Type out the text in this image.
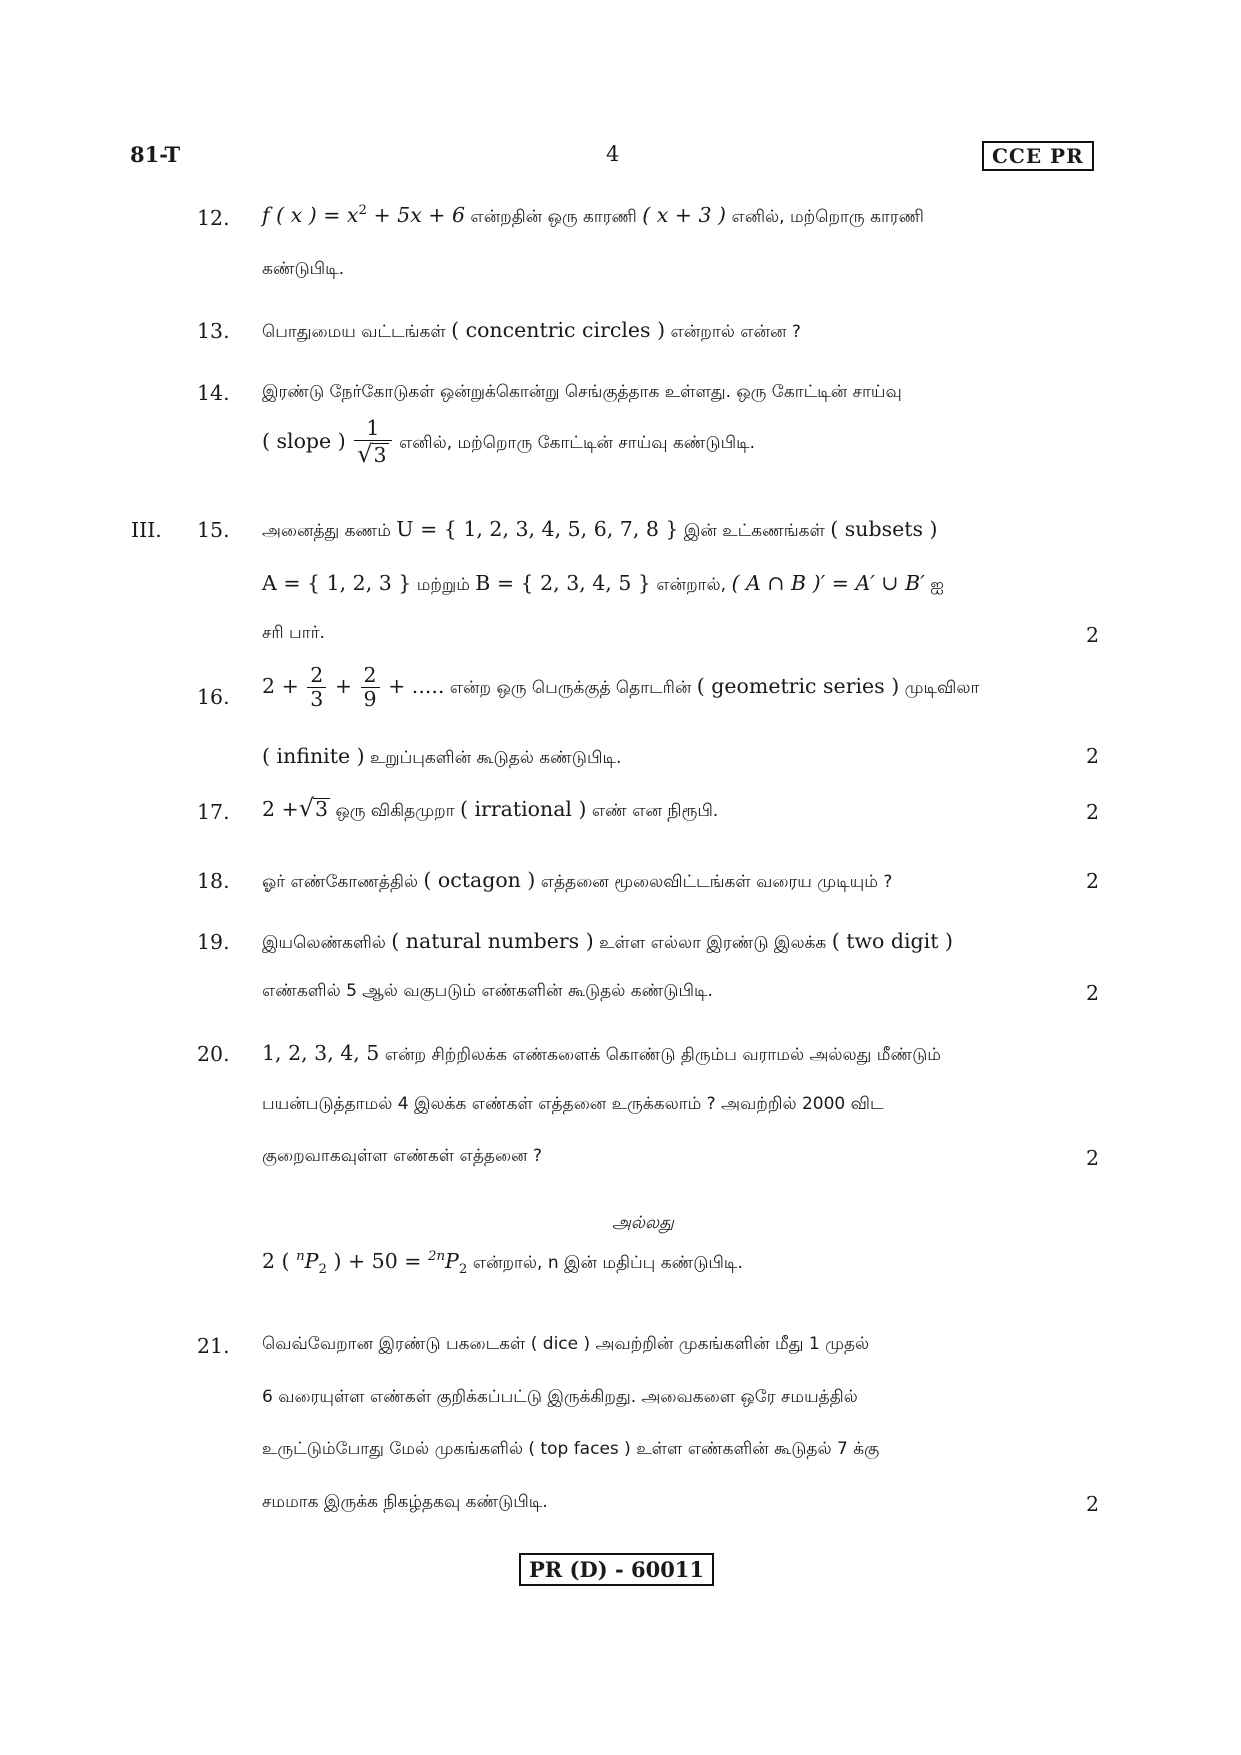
81-T	4	CCE PR
12. f ( x ) = $x^2 + 5x + 6$ என்றதின் ஒரு காரணி ( x + 3 ) எனில், மற்றொரு காரணி
கண்டுபிடி.
13. பொதுமைய வட்டங்கள் ( concentric circles ) என்றால் என்ன ?
14. இரண்டு நேர்கோடுகள் ஒன்றுக்கொன்று செங்குத்தாக உள்ளது. ஒரு கோட்டின் சாய்வு
( slope ) $\frac{1}{√3}$ எனில், மற்றொரு கோட்டின் சாய்வு கண்டுபிடி.
III. 15. அனைத்து கணம் U = { 1, 2, 3, 4, 5, 6, 7, 8 } இன் உட்கணங்கள் ( subsets )
A = { 1, 2, 3 } மற்றும் B = { 2, 3, 4, 5 } என்றால், ( A ∩ B )′ = A′ ∪ B′ ஐ
சரி பார்.	2
16. $2 + \frac{2}{3} + \frac{2}{9}$ + ..... என்ற ஒரு பெருக்குத் தொடரின் ( geometric series ) முடிவிலா
( infinite ) உறுப்புகளின் கூடுதல் கண்டுபிடி.	2
17. 2 +√3 ஒரு விகிதமுறா ( irrational ) எண் என நிரூபி.	2
18. ஓர் எண்கோணத்தில் ( octagon ) எத்தனை மூலைவிட்டங்கள் வரைய முடியும் ?	2
19. இயலெண்களில் ( natural numbers ) உள்ள எல்லா இரண்டு இலக்க ( two digit )
எண்களில் 5 ஆல் வகுபடும் எண்களின் கூடுதல் கண்டுபிடி.	2
20. 1, 2, 3, 4, 5 என்ற சிற்றிலக்க எண்களைக் கொண்டு திரும்ப வராமல் அல்லது மீண்டும்
பயன்படுத்தாமல் 4 இலக்க எண்கள் எத்தனை உருக்கலாம் ? அவற்றில் 2000 விட
குறைவாகவுள்ள எண்கள் எத்தனை ?	2
அல்லது
2 ( $^nP_2$ ) + $50 = ^{2n}P_2$ என்றால், n இன் மதிப்பு கண்டுபிடி.
21. வெவ்வேறான இரண்டு பகடைகள் ( dice ) அவற்றின் முகங்களின் மீது 1 முதல்
6 வரையுள்ள எண்கள் குறிக்கப்பட்டு இருக்கிறது. அவைகளை ஒரே சமயத்தில்
உருட்டும்போது மேல் முகங்களில் ( top faces ) உள்ள எண்களின் கூடுதல் 7 க்கு
சமமாக இருக்க நிகழ்தகவு கண்டுபிடி.	2
PR (D) - 60011
